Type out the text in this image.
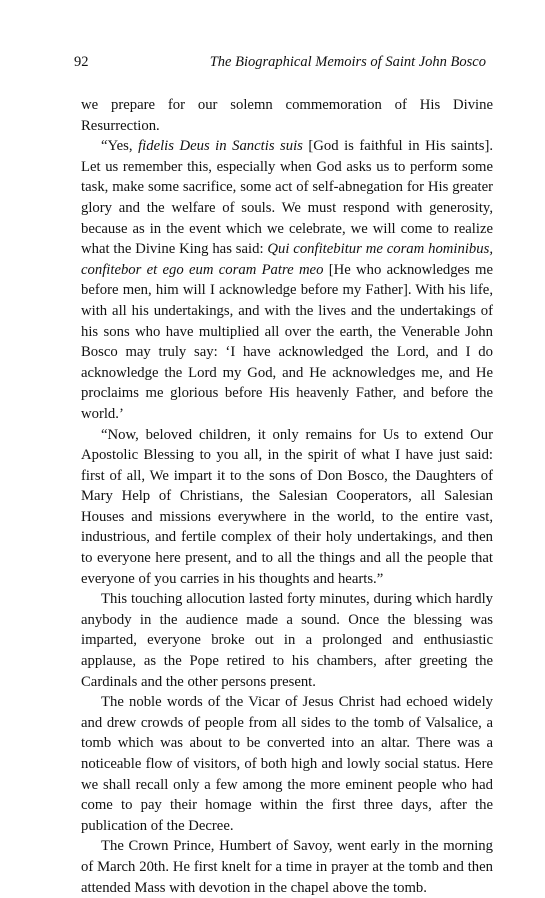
92	The Biographical Memoirs of Saint John Bosco

we prepare for our solemn commemoration of His Divine Resurrection.

“Yes, fidelis Deus in Sanctis suis [God is faithful in His saints]. Let us remember this, especially when God asks us to perform some task, make some sacrifice, some act of self-abnegation for His greater glory and the welfare of souls. We must respond with generosity, because as in the event which we celebrate, we will come to realize what the Divine King has said: Qui confitebitur me coram hominibus, confitebor et ego eum coram Patre meo [He who acknowledges me before men, him will I acknowledge before my Father]. With his life, with all his undertakings, and with the lives and the undertakings of his sons who have multiplied all over the earth, the Venerable John Bosco may truly say: ‘I have acknowledged the Lord, and I do acknowledge the Lord my God, and He acknowledges me, and He proclaims me glorious before His heavenly Father, and before the world.’

“Now, beloved children, it only remains for Us to extend Our Apostolic Blessing to you all, in the spirit of what I have just said: first of all, We impart it to the sons of Don Bosco, the Daughters of Mary Help of Christians, the Salesian Cooperators, all Salesian Houses and missions everywhere in the world, to the entire vast, industrious, and fertile complex of their holy undertakings, and then to everyone here present, and to all the things and all the people that everyone of you carries in his thoughts and hearts.”

This touching allocution lasted forty minutes, during which hardly anybody in the audience made a sound. Once the blessing was imparted, everyone broke out in a prolonged and enthusiastic applause, as the Pope retired to his chambers, after greeting the Cardinals and the other persons present.

The noble words of the Vicar of Jesus Christ had echoed widely and drew crowds of people from all sides to the tomb of Valsalice, a tomb which was about to be converted into an altar. There was a noticeable flow of visitors, of both high and lowly social status. Here we shall recall only a few among the more eminent people who had come to pay their homage within the first three days, after the publication of the Decree.

The Crown Prince, Humbert of Savoy, went early in the morning of March 20th. He first knelt for a time in prayer at the tomb and then attended Mass with devotion in the chapel above the tomb.
